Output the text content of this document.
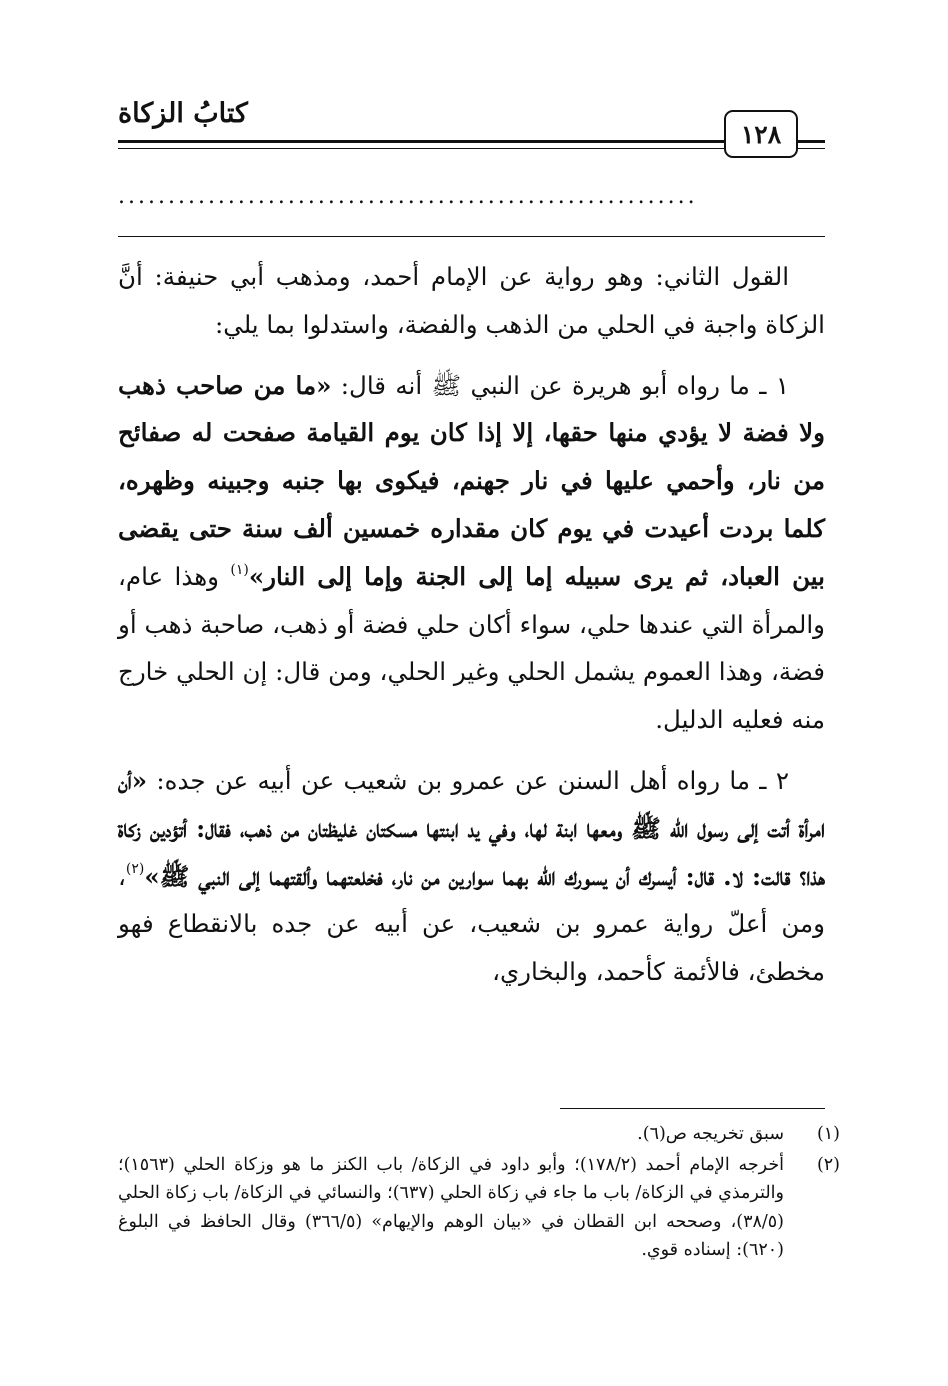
كتابُ الزكاة
١٢٨
..........................................................

القول الثاني: وهو رواية عن الإمام أحمد، ومذهب أبي حنيفة: أنَّ الزكاة واجبة في الحلي من الذهب والفضة، واستدلوا بما يلي:

١ ـ ما رواه أبو هريرة عن النبي ﷺ أنه قال: «ما من صاحب ذهب ولا فضة لا يؤدي منها حقها، إلا إذا كان يوم القيامة صفحت له صفائح من نار، وأحمي عليها في نار جهنم، فيكوى بها جنبه وجبينه وظهره، كلما بردت أعيدت في يوم كان مقداره خمسين ألف سنة حتى يقضى بين العباد، ثم يرى سبيله إما إلى الجنة وإما إلى النار»$^{(١)}$ وهذا عام، والمرأة التي عندها حلي، سواء أكان حلي فضة أو ذهب، صاحبة ذهب أو فضة، وهذا العموم يشمل الحلي وغير الحلي، ومن قال: إن الحلي خارج منه فعليه الدليل.

٢ ـ ما رواه أهل السنن عن عمرو بن شعيب عن أبيه عن جده: «أن امرأة أتت إلى رسول الله ﷺ ومعها ابنة لها، وفي يد ابنتها مسكتان غليظتان من ذهب، فقال: أتؤدين زكاة هذا؟ قالت: لا. قال: أيسرك أن يسورك الله بهما سوارين من نار، فخلعتهما وألقتهما إلى النبي ﷺ»$^{(٢)}$، ومن أعلّ رواية عمرو بن شعيب، عن أبيه عن جده بالانقطاع فهو مخطئ، فالأئمة كأحمد، والبخاري،

(١)
سبق تخريجه ص(٦).
(٢)
أخرجه الإمام أحمد (١٧٨/٢)؛ وأبو داود في الزكاة/ باب الكنز ما هو وزكاة الحلي (١٥٦٣)؛ والترمذي في الزكاة/ باب ما جاء في زكاة الحلي (٦٣٧)؛ والنسائي في الزكاة/ باب زكاة الحلي (٣٨/٥)، وصححه ابن القطان في «بيان الوهم والإيهام» (٣٦٦/٥) وقال الحافظ في البلوغ (٦٢٠): إسناده قوي.
